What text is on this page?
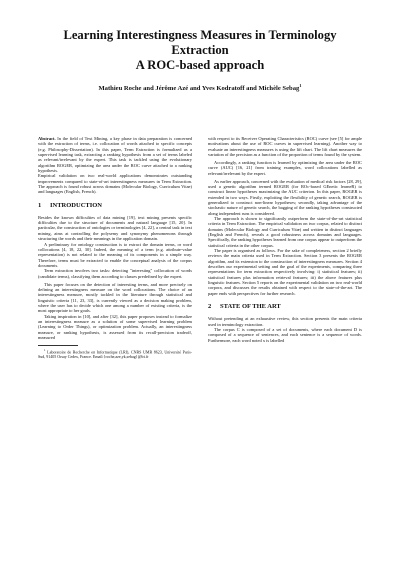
Learning Interestingness Measures in Terminology
Extraction
A ROC-based approach
Mathieu Roche and Jérôme Azé and Yves Kodratoff and Michèle Sebag$^1$

Abstract. In the field of Text Mining, a key phase in data preparation is concerned with the extraction of terms, i.e. collocation of words attached to specific concepts (e.g. Philosophy-Dissertation). In this paper, Term Extraction is formalized as a supervised learning task, extracting a ranking hypothesis from a set of terms labeled as relevant/irrelevant by the expert. This task is tackled using the evolutionary algorithm ROGER, optimizing the area under the ROC curve attached to a ranking hypothesis.

Empirical validation on two real-world applications demonstrates outstanding improvements compared to state-of-art interestingness measures in Term Extraction. The approach is found robust across domains (Molecular Biology, Curriculum Vitae) and languages (English, French).

1 INTRODUCTION

Besides the known difficulties of data mining [19], text mining presents specific difficulties due to the structure of documents and natural language [15, 20]. In particular, the construction of ontologies or terminologies [4, 22], a central task in text mining, aims at controlling the polysemy and synonymy phenomenons through structuring the words and their meanings in the application domain.

A preliminary for ontology construction is to extract the domain terms, or word collocations [4, 18, 22, 30]. Indeed, the meaning of a term (e.g. attribute-value representation) is not related to the meaning of its components in a simple way. Therefore, terms must be extracted to enable the conceptual analysis of the corpus documents.

Term extraction involves two tasks: detecting "interesting" collocation of words (candidate terms), classifying them according to classes predefined by the expert.

This paper focuses on the detection of interesting terms, and more precisely on defining an interestingness measure on the word collocations. The choice of an interestingness measure, mostly tackled in the literature through statistical and linguistic criteria [11, 23, 33], is currently viewed as a decision making problem, where the user has to decide which one among a number of existing criteria, is the most appropriate to her goals.

Taking inspiration in [10], and after [32], this paper proposes instead to formalize an interestingness measure as a solution of some supervised learning problem (Learning to Order Things), or optimization problem. Actually, an interestingness measure, or ranking hypothesis, is assessed from its recall-precision tradeoff, measured

$^1$ Laboratoire de Recherche en Informatique (LRI), CNRS UMR 8623, Université Paris-Sud, 91405 Orsay Cedex, France. Email:{roche,aze,yk,sebag}@lri.fr

with respect to its Receiver Operating Characteristics (ROC) curve (see [5] for ample motivations about the use of ROC curves in supervised learning). Another way to evaluate an interestingness measures is using the lift chart. The lift chart measures the variation of the precision as a function of the proportion of terms found by the system.

Accordingly, a ranking function is learned by optimizing the area under the ROC curve (AUC) [16, 21] from training examples, word collocations labelled as relevant/irrelevant by the expert.

As earlier approach, concerned with the evaluation of medical risk factors [28, 29], used a genetic algorithm termed ROGER (for ROc-based GEnetic learneR) to construct linear hypotheses maximizing the AUC criterion. In this paper, ROGER is extended in two ways. Firstly, exploiting the flexibility of genetic search, ROGER is generalized to construct non-linear hypotheses; secondly, taking advantage of the stochastic nature of genetic search, the bagging of the ranking hypotheses constructed along independent runs is considered.

The approach is shown to significantly outperform the state-of-the-art statistical criteria in Term Extraction. The empirical validation on two corpus, related to distinct domains (Molecular Biology and Curriculum Vitæ) and written in distinct languages (English and French), reveals a good robustness across domains and languages. Specifically, the ranking hypotheses learned from one corpus appear to outperform the statistical criteria in the other corpus.

The paper is organised as follows. For the sake of completeness, section 2 briefly reviews the main criteria used in Term Extraction. Section 3 presents the ROGER algorithm, and its extension to the construction of interestingness measures. Section 4 describes our experimental setting and the goal of the experiments, comparing three representations for term extraction respectively involving: i) statistical features; ii) statistical features plus information retrieval features; iii) the above features plus linguistic features. Section 5 reports on the experimental validation on two real-world corpora, and discusses the results obtained with respect to the state-of-the-art. The paper ends with perspectives for further research.

2 STATE OF THE ART

Without pretending at an exhaustive review, this section presents the main criteria used in terminology extraction.

The corpus C is composed of a set of documents, where each document D is composed of a sequence of sentences, and each sentence is a sequence of words. Furthermore, each word noted x is labelled
